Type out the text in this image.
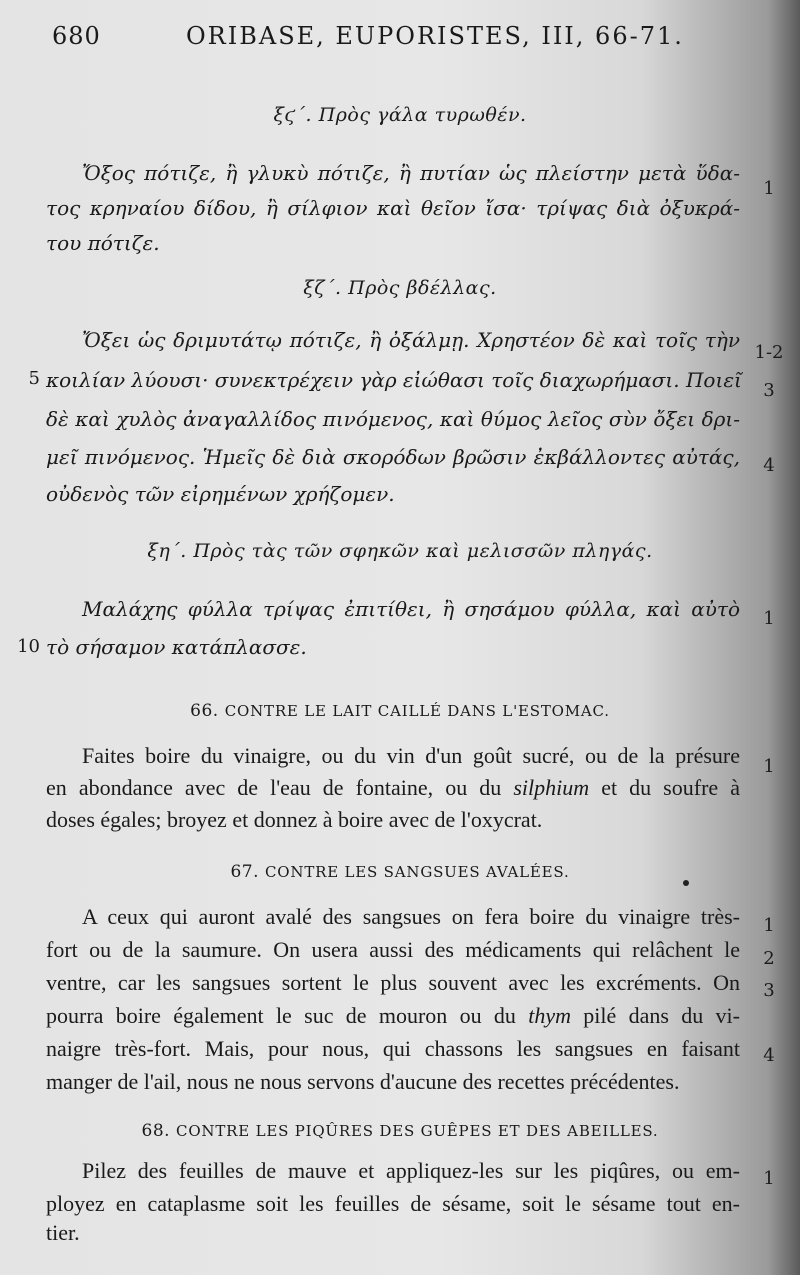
680	ORIBASE, EUPORISTES, III, 66-71.
ξϛ΄. Πρὸς γάλα τυρωθέν.
Ὄξος πότιζε, ἢ γλυκὺ πότιζε, ἢ πυτίαν ὡς πλείστην μετὰ ὕδα-
τος κρηναίου δίδου, ἢ σίλφιον καὶ θεῖον ἴσα· τρίψας διὰ ὀξυκρά-
του πότιζε.
1
ξζ΄. Πρὸς βδέλλας.
Ὄξει ὡς δριμυτάτῳ πότιζε, ἢ ὀξάλμῃ. Χρηστέον δὲ καὶ τοῖς τὴν
κοιλίαν λύουσι· συνεκτρέχειν γὰρ εἰώθασι τοῖς διαχωρήμασι. Ποιεῖ
δὲ καὶ χυλὸς ἀναγαλλίδος πινόμενος, καὶ θύμος λεῖος σὺν ὄξει δρι-
μεῖ πινόμενος. Ἡμεῖς δὲ διὰ σκορόδων βρῶσιν ἐκβάλλοντες αὐτάς,
οὐδενὸς τῶν εἰρημένων χρήζομεν.
5
1-2
3
4
ξη΄. Πρὸς τὰς τῶν σφηκῶν καὶ μελισσῶν πληγάς.
Μαλάχης φύλλα τρίψας ἐπιτίθει, ἢ σησάμου φύλλα, καὶ αὐτὸ
τὸ σήσαμον κατάπλασσε.
10
1
66. CONTRE LE LAIT CAILLÉ DANS L'ESTOMAC.
Faites boire du vinaigre, ou du vin d'un goût sucré, ou de la présure
en abondance avec de l'eau de fontaine, ou du silphium et du soufre à
doses égales; broyez et donnez à boire avec de l'oxycrat.
1
67. CONTRE LES SANGSUES AVALÉES.
A ceux qui auront avalé des sangsues on fera boire du vinaigre très-
fort ou de la saumure. On usera aussi des médicaments qui relâchent le
ventre, car les sangsues sortent le plus souvent avec les excréments. On
pourra boire également le suc de mouron ou du thym pilé dans du vi-
naigre très-fort. Mais, pour nous, qui chassons les sangsues en faisant
manger de l'ail, nous ne nous servons d'aucune des recettes précédentes.
1
2
3
4
68. CONTRE LES PIQÛRES DES GUÊPES ET DES ABEILLES.
Pilez des feuilles de mauve et appliquez-les sur les piqûres, ou em-
ployez en cataplasme soit les feuilles de sésame, soit le sésame tout en-
tier.
1
